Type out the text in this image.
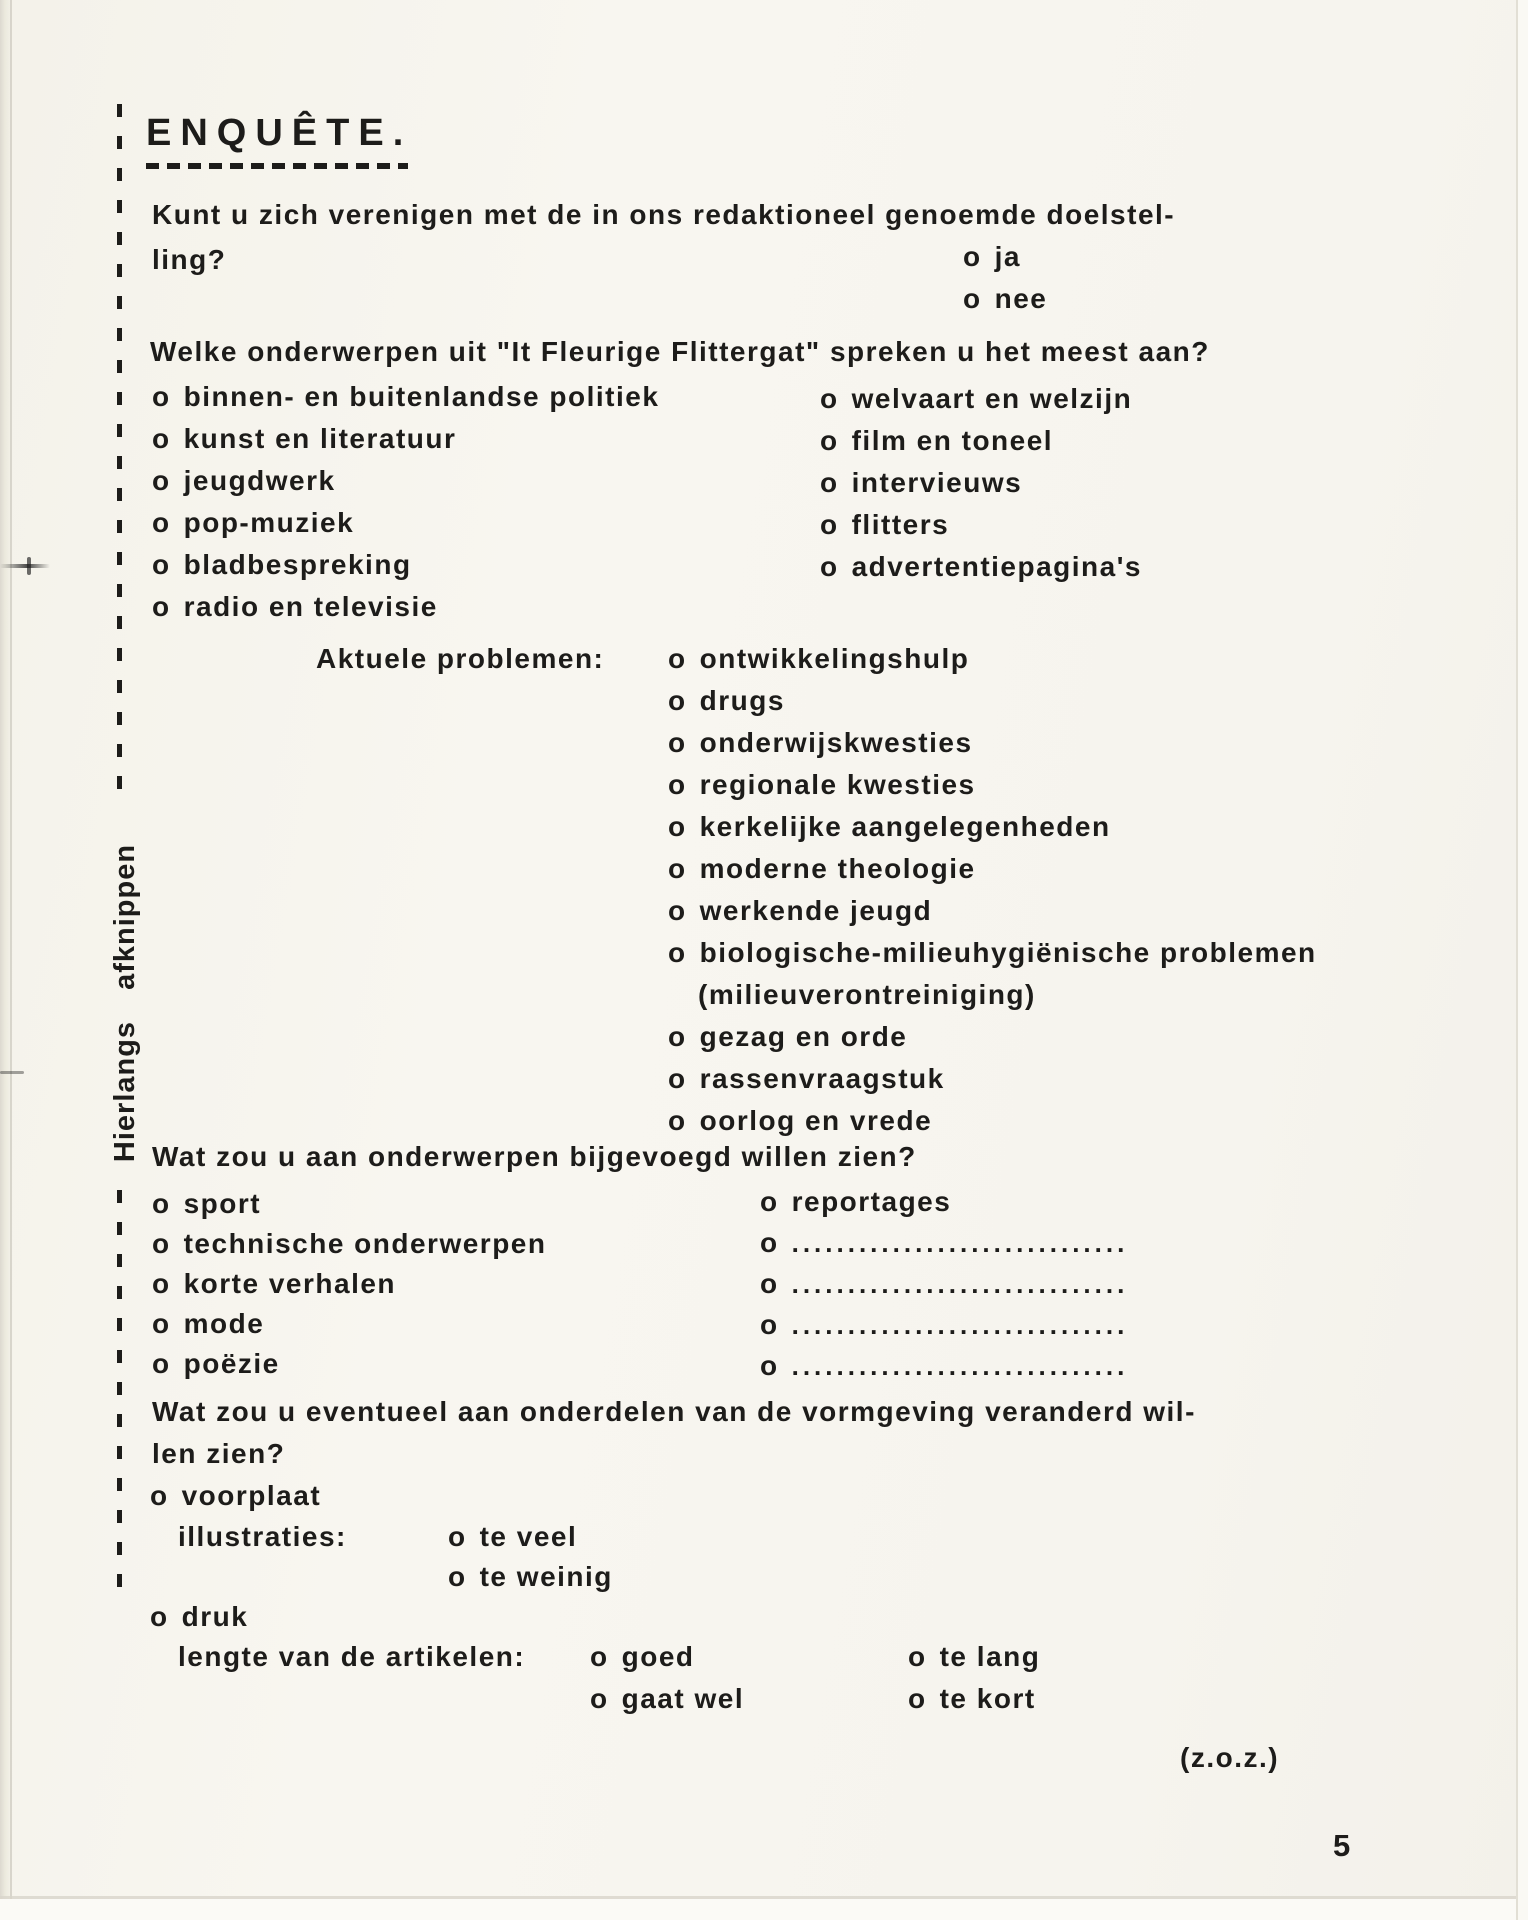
Hierlangs afknippen
ENQUÊTE.
Kunt u zich verenigen met de in ons redaktioneel genoemde doelstel-
ling?	o ja
o nee
Welke onderwerpen uit "It Fleurige Flittergat" spreken u het meest aan?
o binnen- en buitenlandse politiek
o kunst en literatuur
o jeugdwerk
o pop-muziek
o bladbespreking
o radio en televisie
o welvaart en welzijn
o film en toneel
o intervieuws
o flitters
o advertentiepagina's
Aktuele problemen: o ontwikkelingshulp
o drugs
o onderwijskwesties
o regionale kwesties
o kerkelijke aangelegenheden
o moderne theologie
o werkende jeugd
o biologische-milieuhygiënische problemen
(milieuverontreiniging)
o gezag en orde
o rassenvraagstuk
o oorlog en vrede
Wat zou u aan onderwerpen bijgevoegd willen zien?
o sport
o technische onderwerpen
o korte verhalen
o mode
o poëzie
o reportages
o ..............................
o ..............................
o ..............................
o ..............................
Wat zou u eventueel aan onderdelen van de vormgeving veranderd wil-
len zien?
o voorplaat
illustraties:	o te veel
o te weinig
o druk
lengte van de artikelen: o goed	o te lang
o gaat wel	o te kort
(z.o.z.)
5
